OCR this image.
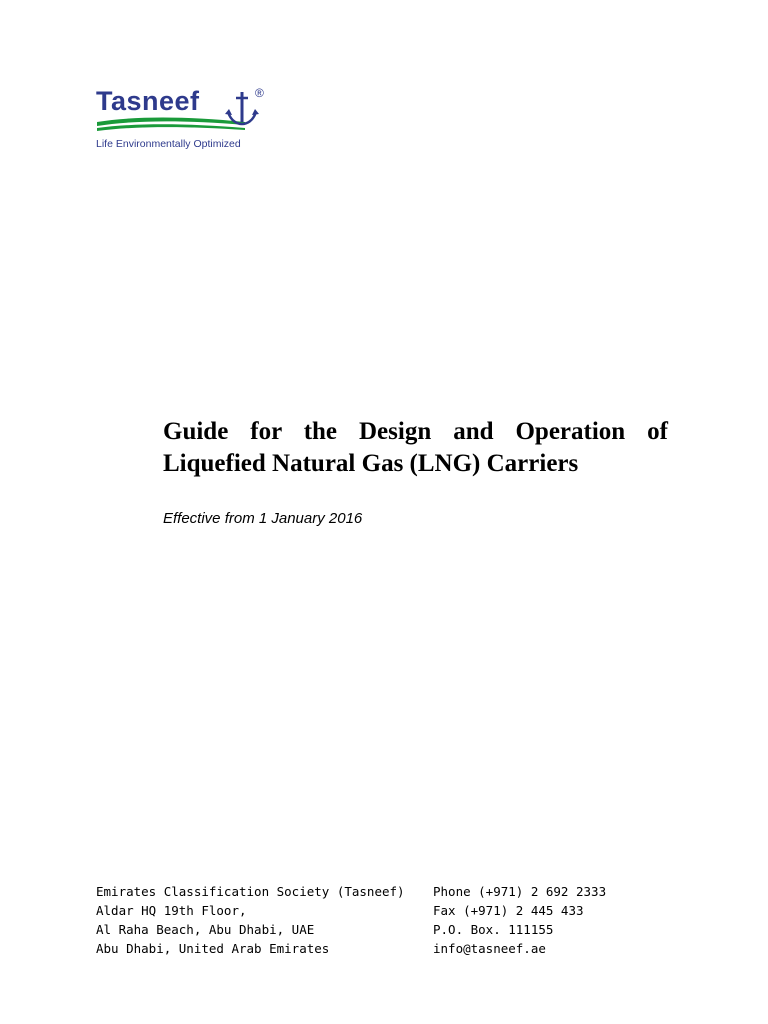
Tasneef	®
Life Environmentally Optimized
Guide for the Design and Operation of
Liquefied Natural Gas (LNG) Carriers
Effective from 1 January 2016
Emirates Classification Society (Tasneef)
Aldar HQ 19th Floor,
Al Raha Beach, Abu Dhabi, UAE
Abu Dhabi, United Arab Emirates
Phone (+971) 2 692 2333
Fax (+971) 2 445 433
P.O. Box. 111155
info@tasneef.ae
